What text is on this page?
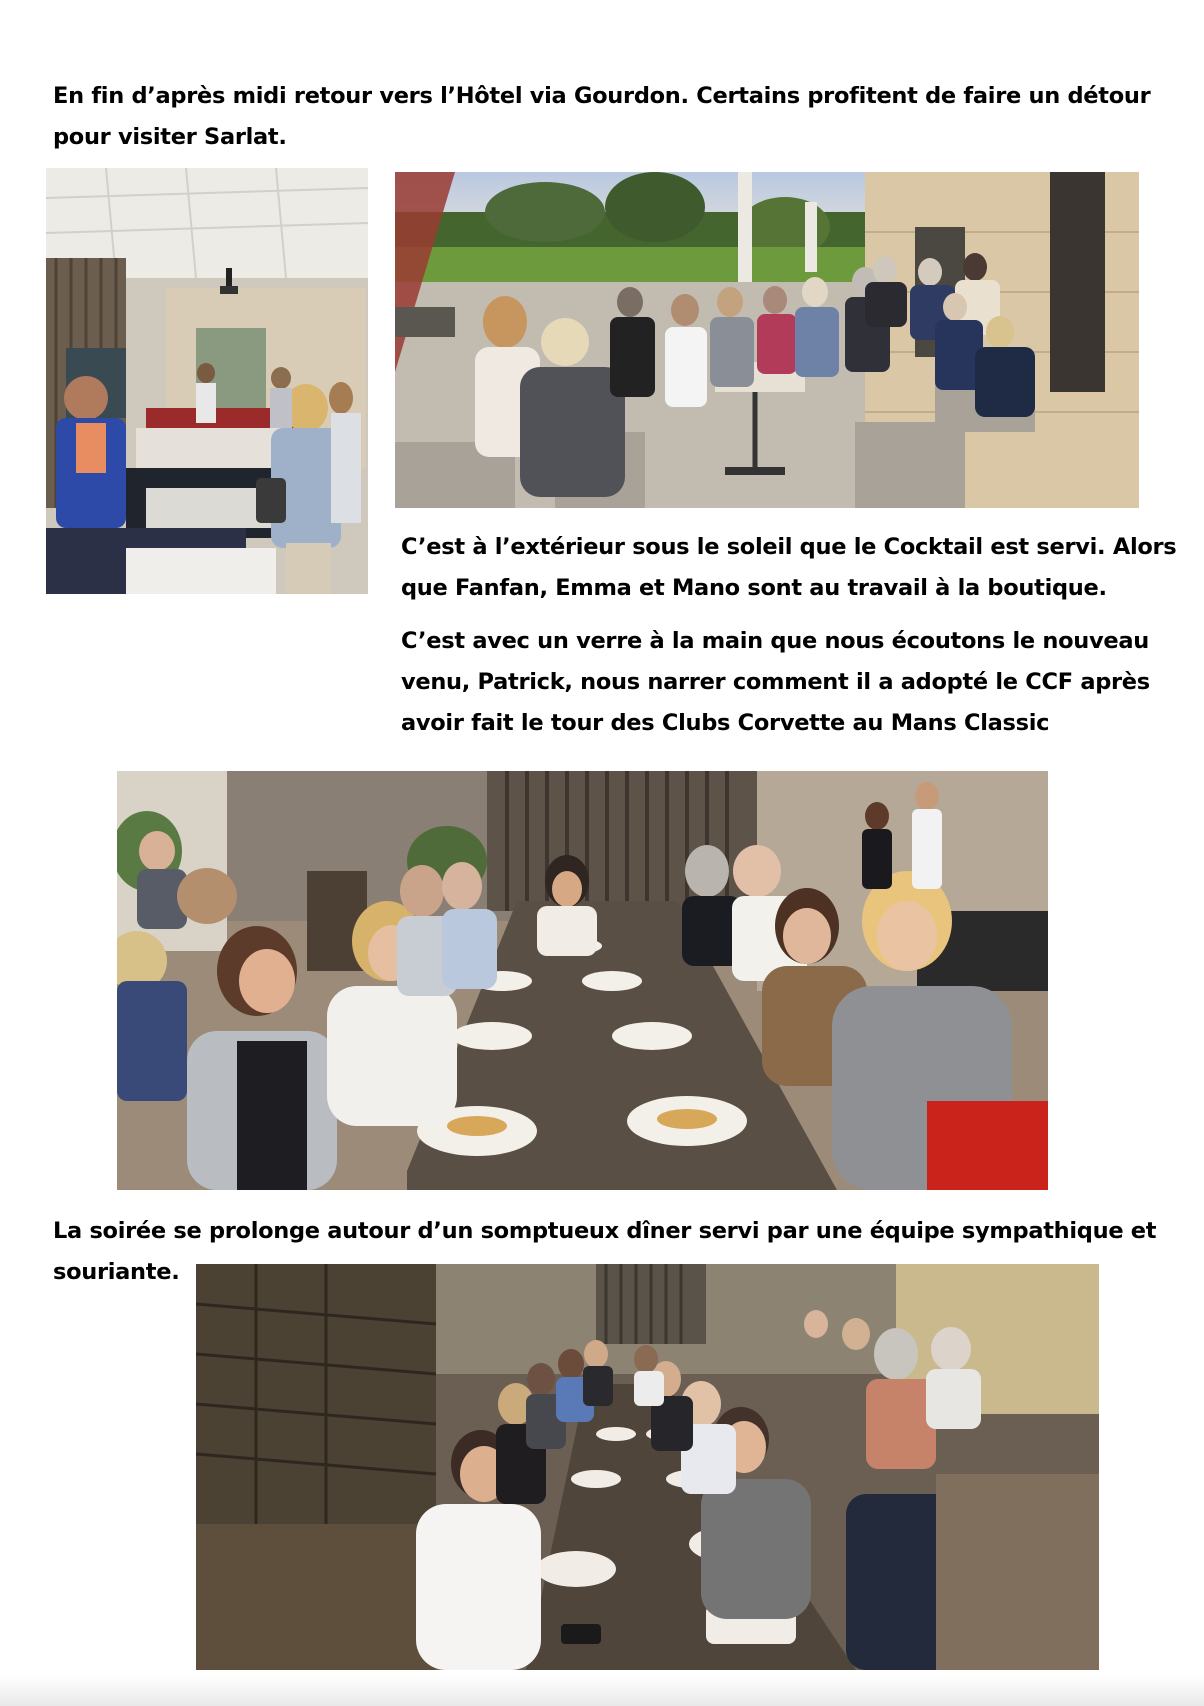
En fin d’après midi retour vers l’Hôtel via Gourdon. Certains profitent de faire un détour
pour visiter Sarlat.

C’est à l’extérieur sous le soleil que le Cocktail est servi. Alors
que Fanfan, Emma et Mano sont au travail à la boutique.

C’est avec un verre à la main que nous écoutons le nouveau
venu, Patrick, nous narrer comment il a adopté le CCF après
avoir fait le tour des Clubs Corvette au Mans Classic

La soirée se prolonge autour d’un somptueux dîner servi par une équipe sympathique et
souriante.
